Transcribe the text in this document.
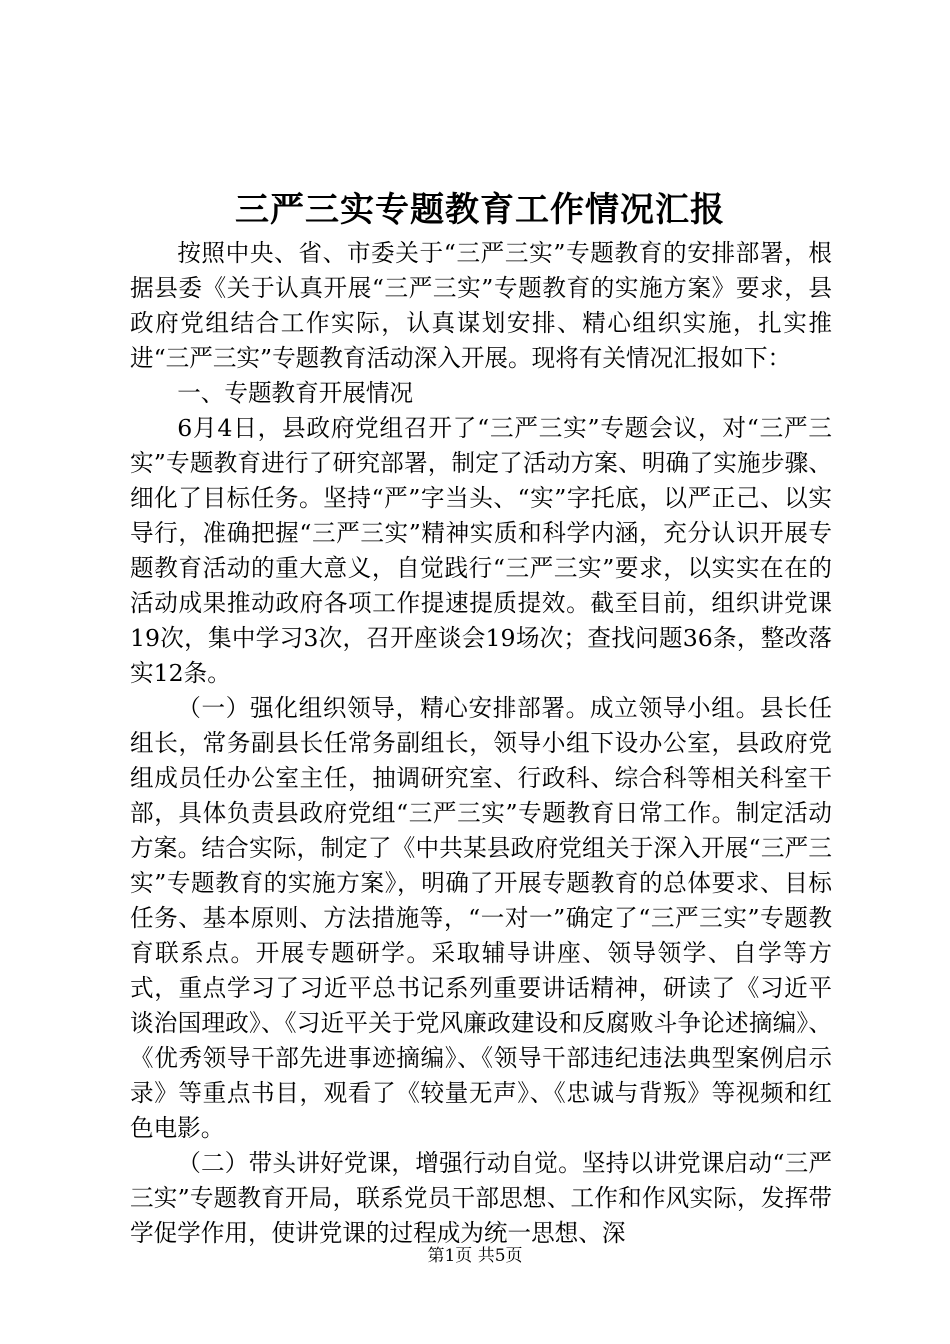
三严三实专题教育工作情况汇报

按照中央、省、市委关于“三严三实”专题教育的安排部署，根据县委《关于认真开展“三严三实”专题教育的实施方案》要求，县政府党组结合工作实际，认真谋划安排、精心组织实施，扎实推进“三严三实”专题教育活动深入开展。现将有关情况汇报如下：

一、专题教育开展情况

6月4日，县政府党组召开了“三严三实”专题会议，对“三严三实”专题教育进行了研究部署，制定了活动方案、明确了实施步骤、细化了目标任务。坚持“严”字当头、“实”字托底，以严正己、以实导行，准确把握“三严三实”精神实质和科学内涵，充分认识开展专题教育活动的重大意义，自觉践行“三严三实”要求，以实实在在的活动成果推动政府各项工作提速提质提效。截至目前，组织讲党课19次，集中学习3次，召开座谈会19场次；查找问题36条，整改落实12条。

（一）强化组织领导，精心安排部署。成立领导小组。县长任组长，常务副县长任常务副组长，领导小组下设办公室，县政府党组成员任办公室主任，抽调研究室、行政科、综合科等相关科室干部，具体负责县政府党组“三严三实”专题教育日常工作。制定活动方案。结合实际，制定了《中共某县政府党组关于深入开展“三严三实”专题教育的实施方案》，明确了开展专题教育的总体要求、目标任务、基本原则、方法措施等，“一对一”确定了“三严三实”专题教育联系点。开展专题研学。采取辅导讲座、领导领学、自学等方式，重点学习了习近平总书记系列重要讲话精神，研读了《习近平谈治国理政》、《习近平关于党风廉政建设和反腐败斗争论述摘编》、《优秀领导干部先进事迹摘编》、《领导干部违纪违法典型案例启示录》等重点书目，观看了《较量无声》、《忠诚与背叛》等视频和红色电影。

（二）带头讲好党课，增强行动自觉。坚持以讲党课启动“三严三实”专题教育开局，联系党员干部思想、工作和作风实际，发挥带学促学作用，使讲党课的过程成为统一思想、深

第1页 共5页
